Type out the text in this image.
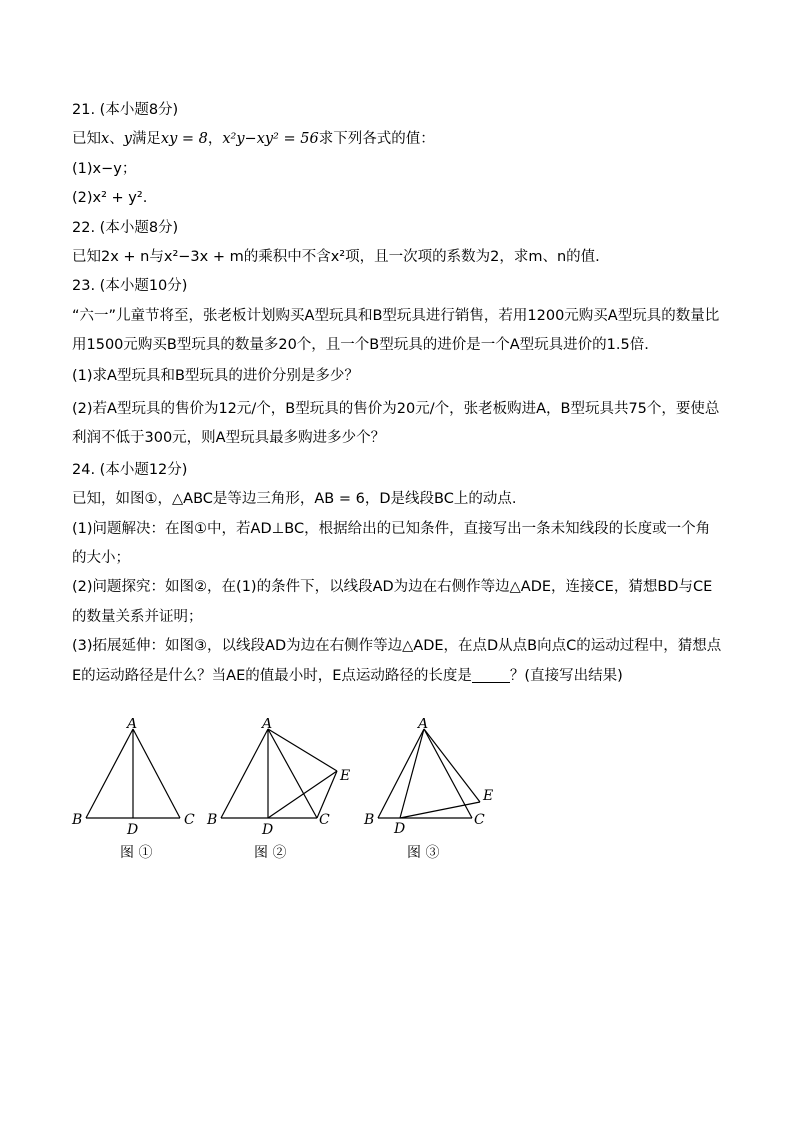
21. (本小题8分)
已知x、y满足xy = 8，x²y−xy² = 56求下列各式的值：
(1)x−y；
(2)x² + y².
22. (本小题8分)
已知2x + n与x²−3x + m的乘积中不含x²项，且一次项的系数为2，求m、n的值.
23. (本小题10分)
“六一”儿童节将至，张老板计划购买A型玩具和B型玩具进行销售，若用1200元购买A型玩具的数量比用1500元购买B型玩具的数量多20个，且一个B型玩具的进价是一个A型玩具进价的1.5倍.
(1)求A型玩具和B型玩具的进价分别是多少？
(2)若A型玩具的售价为12元/个，B型玩具的售价为20元/个，张老板购进A，B型玩具共75个，要使总利润不低于300元，则A型玩具最多购进多少个？
24. (本小题12分)
已知，如图①，△ABC是等边三角形，AB = 6，D是线段BC上的动点.
(1)问题解决：在图①中，若AD⊥BC，根据给出的已知条件，直接写出一条未知线段的长度或一个角的大小；
(2)问题探究：如图②，在(1)的条件下，以线段AD为边在右侧作等边△ADE，连接CE，猜想BD与CE的数量关系并证明；
(3)拓展延伸：如图③，以线段AD为边在右侧作等边△ADE，在点D从点B向点C的运动过程中，猜想点E的运动路径是什么？当AE的值最小时，E点运动路径的长度是	？(直接写出结果)
A
B	C
D
图 ①
A
B	C
D
E
图 ②
A
B	C
D
E
图 ③
